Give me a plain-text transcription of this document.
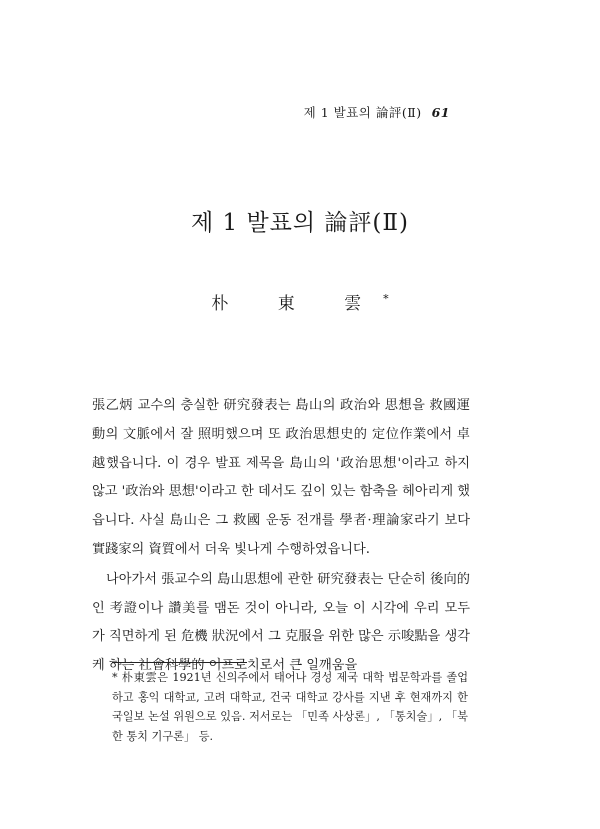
제 1 발표의 論評(Ⅱ) 61
제 1 발표의 論評(Ⅱ)
朴 東 雲*

張乙炳 교수의 충실한 研究發表는 島山의 政治와 思想을 救國運動의 文脈에서 잘 照明했으며 또 政治思想史的 定位作業에서 卓越했읍니다. 이 경우 발표 제목을 島山의 '政治思想'이라고 하지 않고 '政治와 思想'이라고 한 데서도 깊이 있는 함축을 헤아리게 했읍니다. 사실 島山은 그 救國 운동 전개를 學者·理論家라기 보다 實踐家의 資質에서 더욱 빛나게 수행하였읍니다.

나아가서 張교수의 島山思想에 관한 研究發表는 단순히 後向的인 考證이나 讚美를 맴돈 것이 아니라, 오늘 이 시각에 우리 모두가 직면하게 된 危機 狀況에서 그 克服을 위한 많은 示唆點을 생각케 하는 社會科學的 어프로치로서 큰 일깨움을

* 朴東雲은 1921년 신의주에서 태어나 경성 제국 대학 법문학과를 졸업하고 홍익 대학교, 고려 대학교, 건국 대학교 강사를 지낸 후 현재까지 한국일보 논설 위원으로 있음. 저서로는 「민족 사상론」, 「통치술」, 「북한 통치 기구론」 등.
